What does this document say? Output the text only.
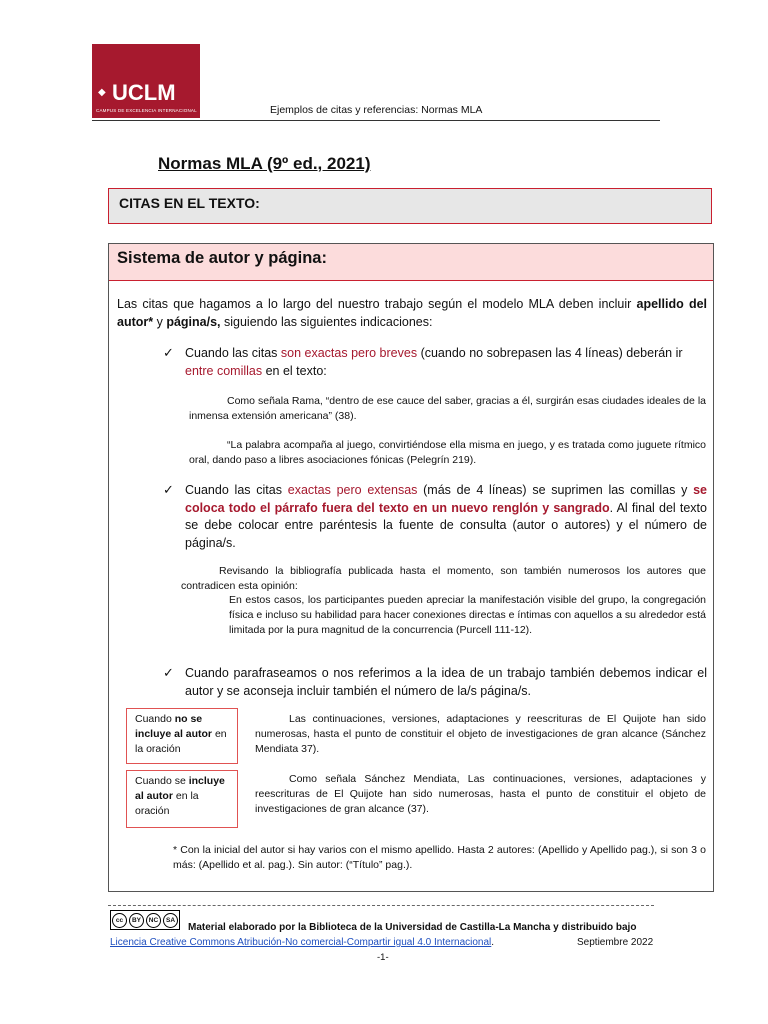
◆ UCLM
CAMPUS DE EXCELENCIA INTERNACIONAL	Ejemplos de citas y referencias: Normas MLA
Normas MLA (9º ed., 2021)
CITAS EN EL TEXTO:
Sistema de autor y página:
Las citas que hagamos a lo largo del nuestro trabajo según el modelo MLA deben incluir apellido del autor* y página/s, siguiendo las siguientes indicaciones:
✓ Cuando las citas son exactas pero breves (cuando no sobrepasen las 4 líneas) deberán ir entre comillas en el texto:
Como señala Rama, “dentro de ese cauce del saber, gracias a él, surgirán esas ciudades ideales de la inmensa extensión americana” (38).
“La palabra acompaña al juego, convirtiéndose ella misma en juego, y es tratada como juguete rítmico oral, dando paso a libres asociaciones fónicas (Pelegrín 219).
✓ Cuando las citas exactas pero extensas (más de 4 líneas) se suprimen las comillas y se coloca todo el párrafo fuera del texto en un nuevo renglón y sangrado. Al final del texto se debe colocar entre paréntesis la fuente de consulta (autor o autores) y el número de página/s.
Revisando la bibliografía publicada hasta el momento, son también numerosos los autores que contradicen esta opinión:
En estos casos, los participantes pueden apreciar la manifestación visible del grupo, la congregación física e incluso su habilidad para hacer conexiones directas e íntimas con aquellos a su alrededor está limitada por la pura magnitud de la concurrencia (Purcell 111-12).
✓ Cuando parafraseamos o nos referimos a la idea de un trabajo también debemos indicar el autor y se aconseja incluir también el número de la/s página/s.
Las continuaciones, versiones, adaptaciones y reescrituras de El Quijote han sido numerosas, hasta el punto de constituir el objeto de investigaciones de gran alcance (Sánchez Mendiata 37).
Como señala Sánchez Mendiata, Las continuaciones, versiones, adaptaciones y reescrituras de El Quijote han sido numerosas, hasta el punto de constituir el objeto de investigaciones de gran alcance (37).
* Con la inicial del autor si hay varios con el mismo apellido. Hasta 2 autores: (Apellido y Apellido pag.), si son 3 o más: (Apellido et al. pag.). Sin autor: (“Título” pag.).
Cuando no se incluye al autor en la oración
Cuando se incluye al autor en la oración
cc	BY	NC	SA
Material elaborado por la Biblioteca de la Universidad de Castilla-La Mancha y distribuido bajo
Licencia Creative Commons Atribución-No comercial-Compartir igual 4.0 Internacional.	Septiembre 2022
-1-
